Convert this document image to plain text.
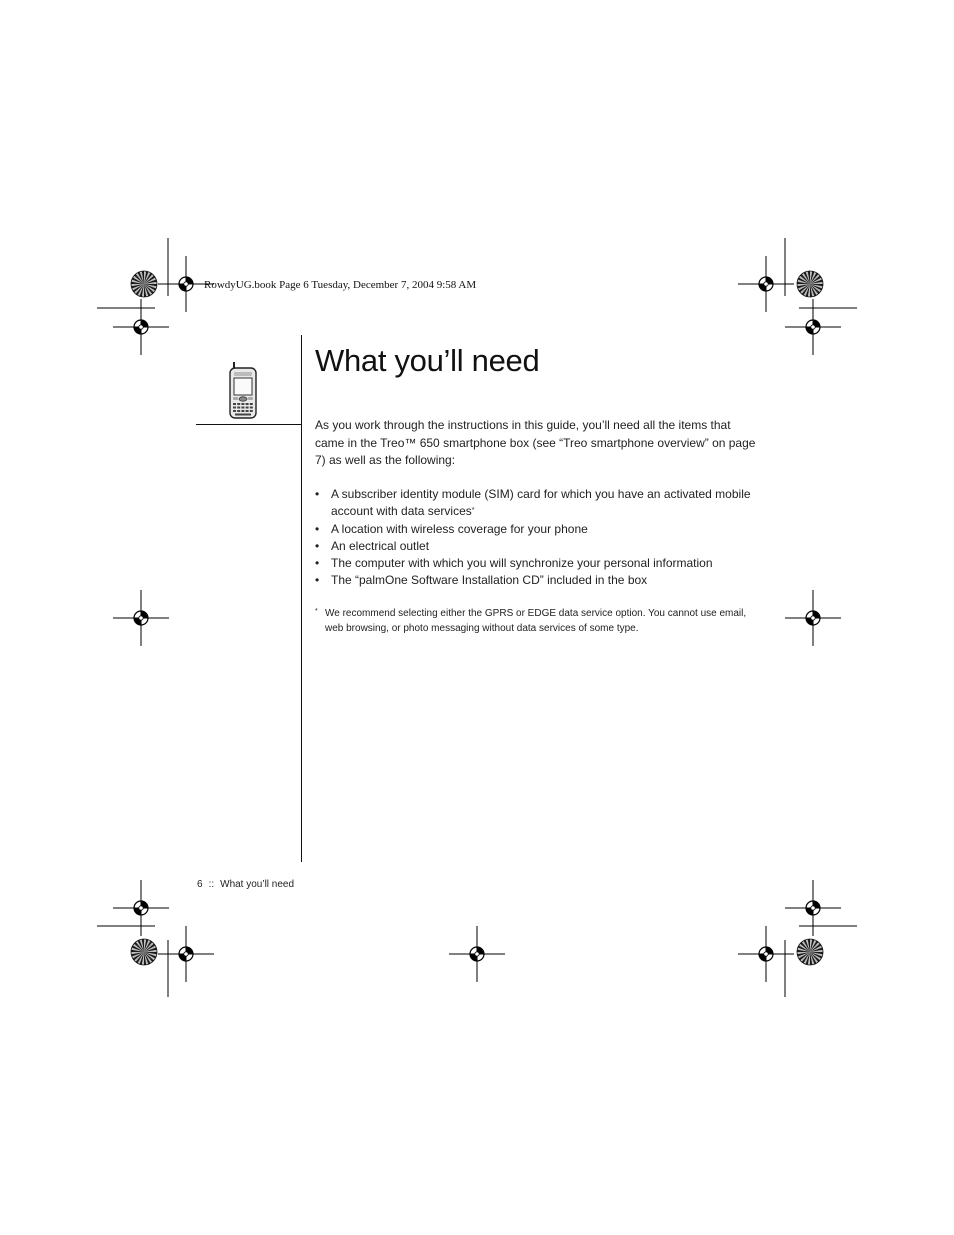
RowdyUG.book Page 6 Tuesday, December 7, 2004 9:58 AM
What you’ll need

As you work through the instructions in this guide, you’ll need all the items that came in the Treo™ 650 smartphone box (see “Treo smartphone overview” on page 7) as well as the following:

• A subscriber identity module (SIM) card for which you have an activated mobile account with data services*
• A location with wireless coverage for your phone
• An electrical outlet
• The computer with which you will synchronize your personal information
• The “palmOne Software Installation CD” included in the box

* We recommend selecting either the GPRS or EDGE data service option. You cannot use email, web browsing, or photo messaging without data services of some type.

6 :: What you’ll need
